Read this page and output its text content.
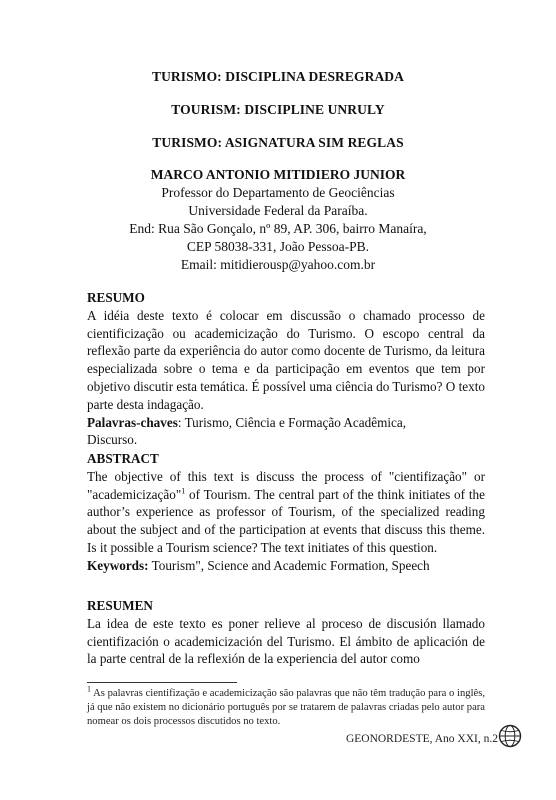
TURISMO: DISCIPLINA DESREGRADA
TOURISM: DISCIPLINE UNRULY
TURISMO: ASIGNATURA SIM REGLAS
MARCO ANTONIO MITIDIERO JUNIOR
Professor do Departamento de Geociências
Universidade Federal da Paraíba.
End: Rua São Gonçalo, nº 89, AP. 306, bairro Manaíra,
CEP 58038-331, João Pessoa-PB.
Email: mitidierousp@yahoo.com.br
RESUMO
A idéia deste texto é colocar em discussão o chamado processo de cientificização ou academicização do Turismo. O escopo central da reflexão parte da experiência do autor como docente de Turismo, da leitura especializada sobre o tema e da participação em eventos que tem por objetivo discutir esta temática. É possível uma ciência do Turismo? O texto parte desta indagação.
Palavras-chaves: Turismo, Ciência e Formação Acadêmica,
Discurso.
ABSTRACT
The objective of this text is discuss the process of "cientifização" or "academicização"$^1$ of Tourism. The central part of the think initiates of the author’s experience as professor of Tourism, of the specialized reading about the subject and of the participation at events that discuss this theme. Is it possible a Tourism science? The text initiates of this question.
Keywords: Tourism", Science and Academic Formation, Speech
RESUMEN
La idea de este texto es poner relieve al proceso de discusión llamado cientifización o academicización del Turismo. El ámbito de aplicación de la parte central de la reflexión de la experiencia del autor como
$^1$ As palavras cientifização e academicização são palavras que não têm tradução para o inglês, já que não existem no dicionário português por se tratarem de palavras criadas pelo autor para nomear os dois processos discutidos no texto.
GEONORDESTE, Ano XXI, n.2
